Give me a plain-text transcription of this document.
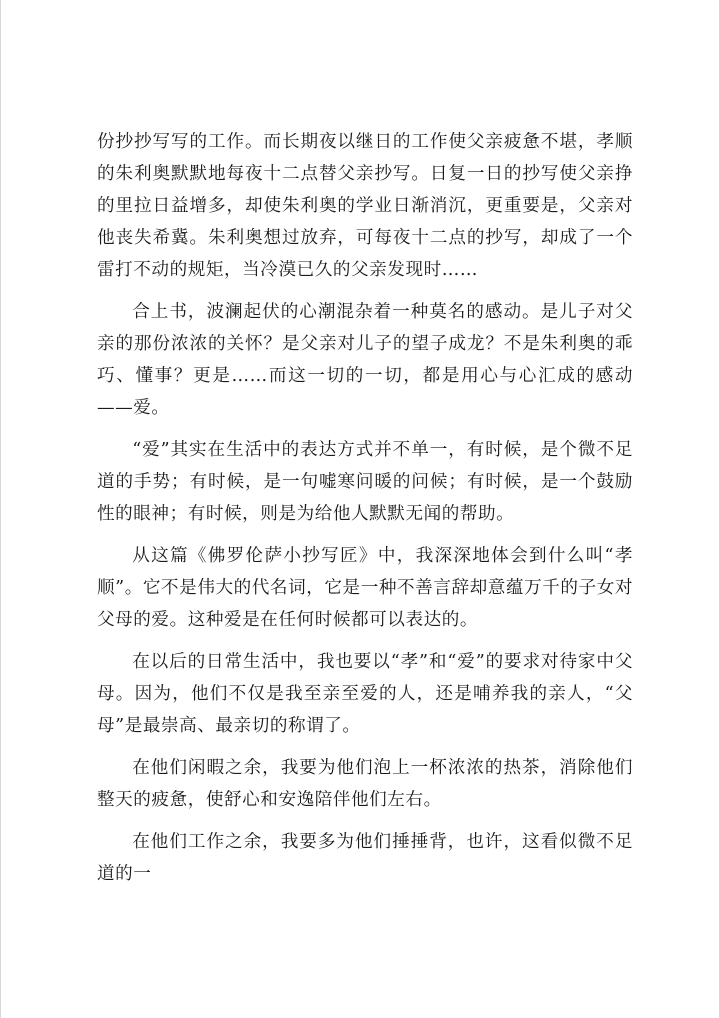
份抄抄写写的工作。而长期夜以继日的工作使父亲疲惫不堪，孝顺的朱利奥默默地每夜十二点替父亲抄写。日复一日的抄写使父亲挣的里拉日益增多，却使朱利奥的学业日渐消沉，更重要是，父亲对他丧失希冀。朱利奥想过放弃，可每夜十二点的抄写，却成了一个雷打不动的规矩，当冷漠已久的父亲发现时……

合上书，波澜起伏的心潮混杂着一种莫名的感动。是儿子对父亲的那份浓浓的关怀？是父亲对儿子的望子成龙？不是朱利奥的乖巧、懂事？更是……而这一切的一切，都是用心与心汇成的感动——爱。

“爱”其实在生活中的表达方式并不单一，有时候，是个微不足道的手势；有时候，是一句嘘寒问暖的问候；有时候，是一个鼓励性的眼神；有时候，则是为给他人默默无闻的帮助。

从这篇《佛罗伦萨小抄写匠》中，我深深地体会到什么叫“孝顺”。它不是伟大的代名词，它是一种不善言辞却意蕴万千的子女对父母的爱。这种爱是在任何时候都可以表达的。

在以后的日常生活中，我也要以“孝”和“爱”的要求对待家中父母。因为，他们不仅是我至亲至爱的人，还是哺养我的亲人，“父母”是最崇高、最亲切的称谓了。

在他们闲暇之余，我要为他们泡上一杯浓浓的热茶，消除他们整天的疲惫，使舒心和安逸陪伴他们左右。

在他们工作之余，我要多为他们捶捶背，也许，这看似微不足道的一
